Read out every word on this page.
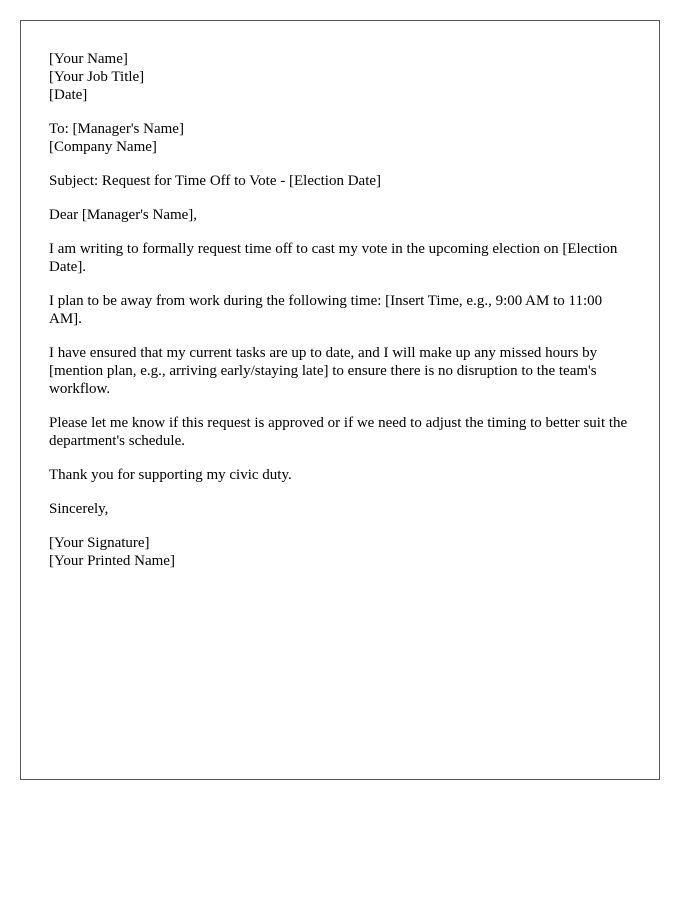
[Your Name]
[Your Job Title]
[Date]
To: [Manager's Name]
[Company Name]
Subject: Request for Time Off to Vote - [Election Date]
Dear [Manager's Name],
I am writing to formally request time off to cast my vote in the upcoming election on [Election Date].
I plan to be away from work during the following time: [Insert Time, e.g., 9:00 AM to 11:00 AM].
I have ensured that my current tasks are up to date, and I will make up any missed hours by [mention plan, e.g., arriving early/staying late] to ensure there is no disruption to the team's workflow.
Please let me know if this request is approved or if we need to adjust the timing to better suit the department's schedule.
Thank you for supporting my civic duty.
Sincerely,
[Your Signature]
[Your Printed Name]
